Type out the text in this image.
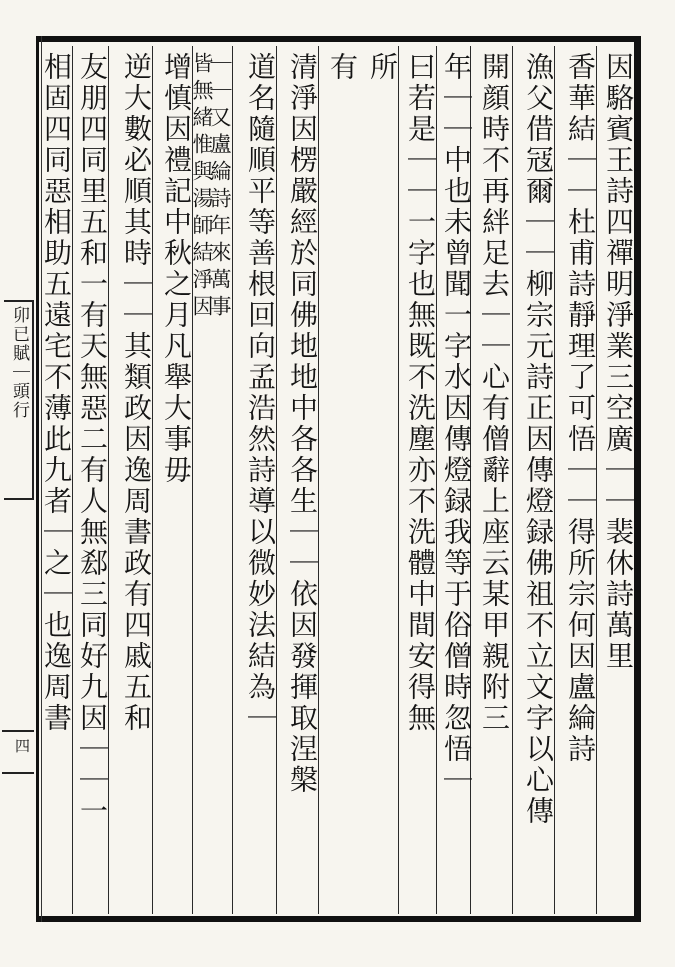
因駱賓王詩四禪明淨業三空廣｜｜裴休詩萬里
香華結｜｜杜甫詩靜理了可悟｜｜得所宗何因盧綸詩
漁父借冦爾｜｜柳宗元詩正因傳燈録佛祖不立文字以心傳
開顔時不再絆足去｜｜心有僧辭上座云某甲親附三
年｜｜中也未曾聞一字水因傳燈録我等于俗僧時忽悟｜
曰若是｜｜一字也無既不洗塵亦不洗體中間安得無
所
有
清淨因楞嚴經於同佛地地中各各生｜｜依因發揮取涅槃
道名隨順平等善根回向孟浩然詩導以微妙法結為｜
｜｜又盧綸詩年來萬事
皆無緒惟與湯師結淨因
增慎因禮記中秋之月凡舉大事毋
逆大數必順其時｜｜其類政因逸周書政有四戚五和
友朋四同里五和一有天無惡二有人無郄三同好九因｜｜一
相固四同惡相助五遠宅不薄此九者｜之｜也逸周書
卯已賦｜頭行
四
